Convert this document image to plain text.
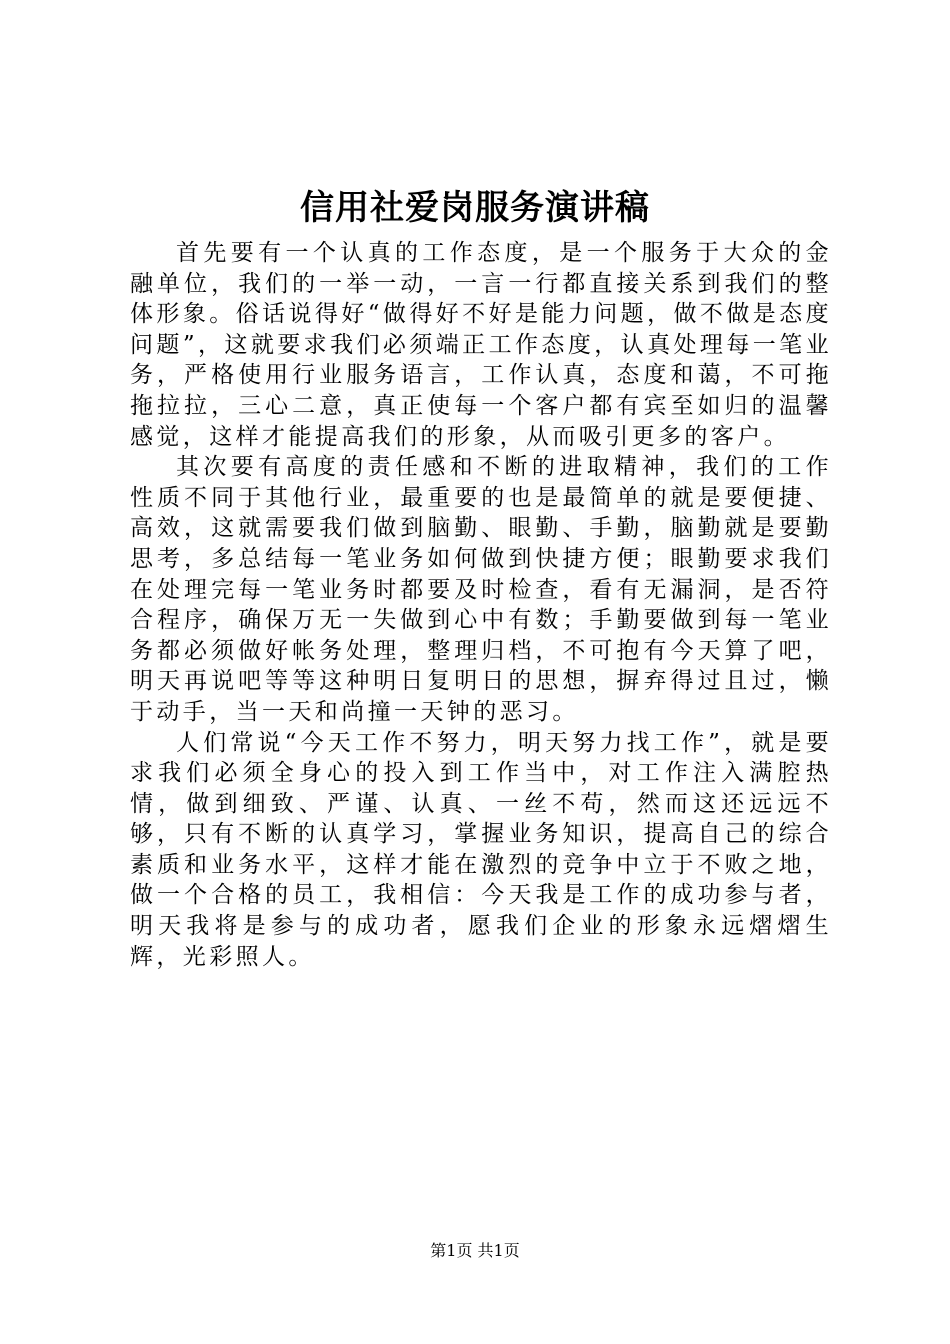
信用社爱岗服务演讲稿

首先要有一个认真的工作态度，是一个服务于大众的金融单位，我们的一举一动，一言一行都直接关系到我们的整体形象。俗话说得好“做得好不好是能力问题，做不做是态度问题”，这就要求我们必须端正工作态度，认真处理每一笔业务，严格使用行业服务语言，工作认真，态度和蔼，不可拖拖拉拉，三心二意，真正使每一个客户都有宾至如归的温馨感觉，这样才能提高我们的形象，从而吸引更多的客户。

其次要有高度的责任感和不断的进取精神，我们的工作性质不同于其他行业，最重要的也是最简单的就是要便捷、高效，这就需要我们做到脑勤、眼勤、手勤，脑勤就是要勤思考，多总结每一笔业务如何做到快捷方便；眼勤要求我们在处理完每一笔业务时都要及时检查，看有无漏洞，是否符合程序，确保万无一失做到心中有数；手勤要做到每一笔业务都必须做好帐务处理，整理归档，不可抱有今天算了吧，明天再说吧等等这种明日复明日的思想，摒弃得过且过，懒于动手，当一天和尚撞一天钟的恶习。

人们常说“今天工作不努力，明天努力找工作”，就是要求我们必须全身心的投入到工作当中，对工作注入满腔热情，做到细致、严谨、认真、一丝不苟，然而这还远远不够，只有不断的认真学习，掌握业务知识，提高自己的综合素质和业务水平，这样才能在激烈的竞争中立于不败之地，做一个合格的员工，我相信：今天我是工作的成功参与者，明天我将是参与的成功者，愿我们企业的形象永远熠熠生辉，光彩照人。

第1页 共1页
